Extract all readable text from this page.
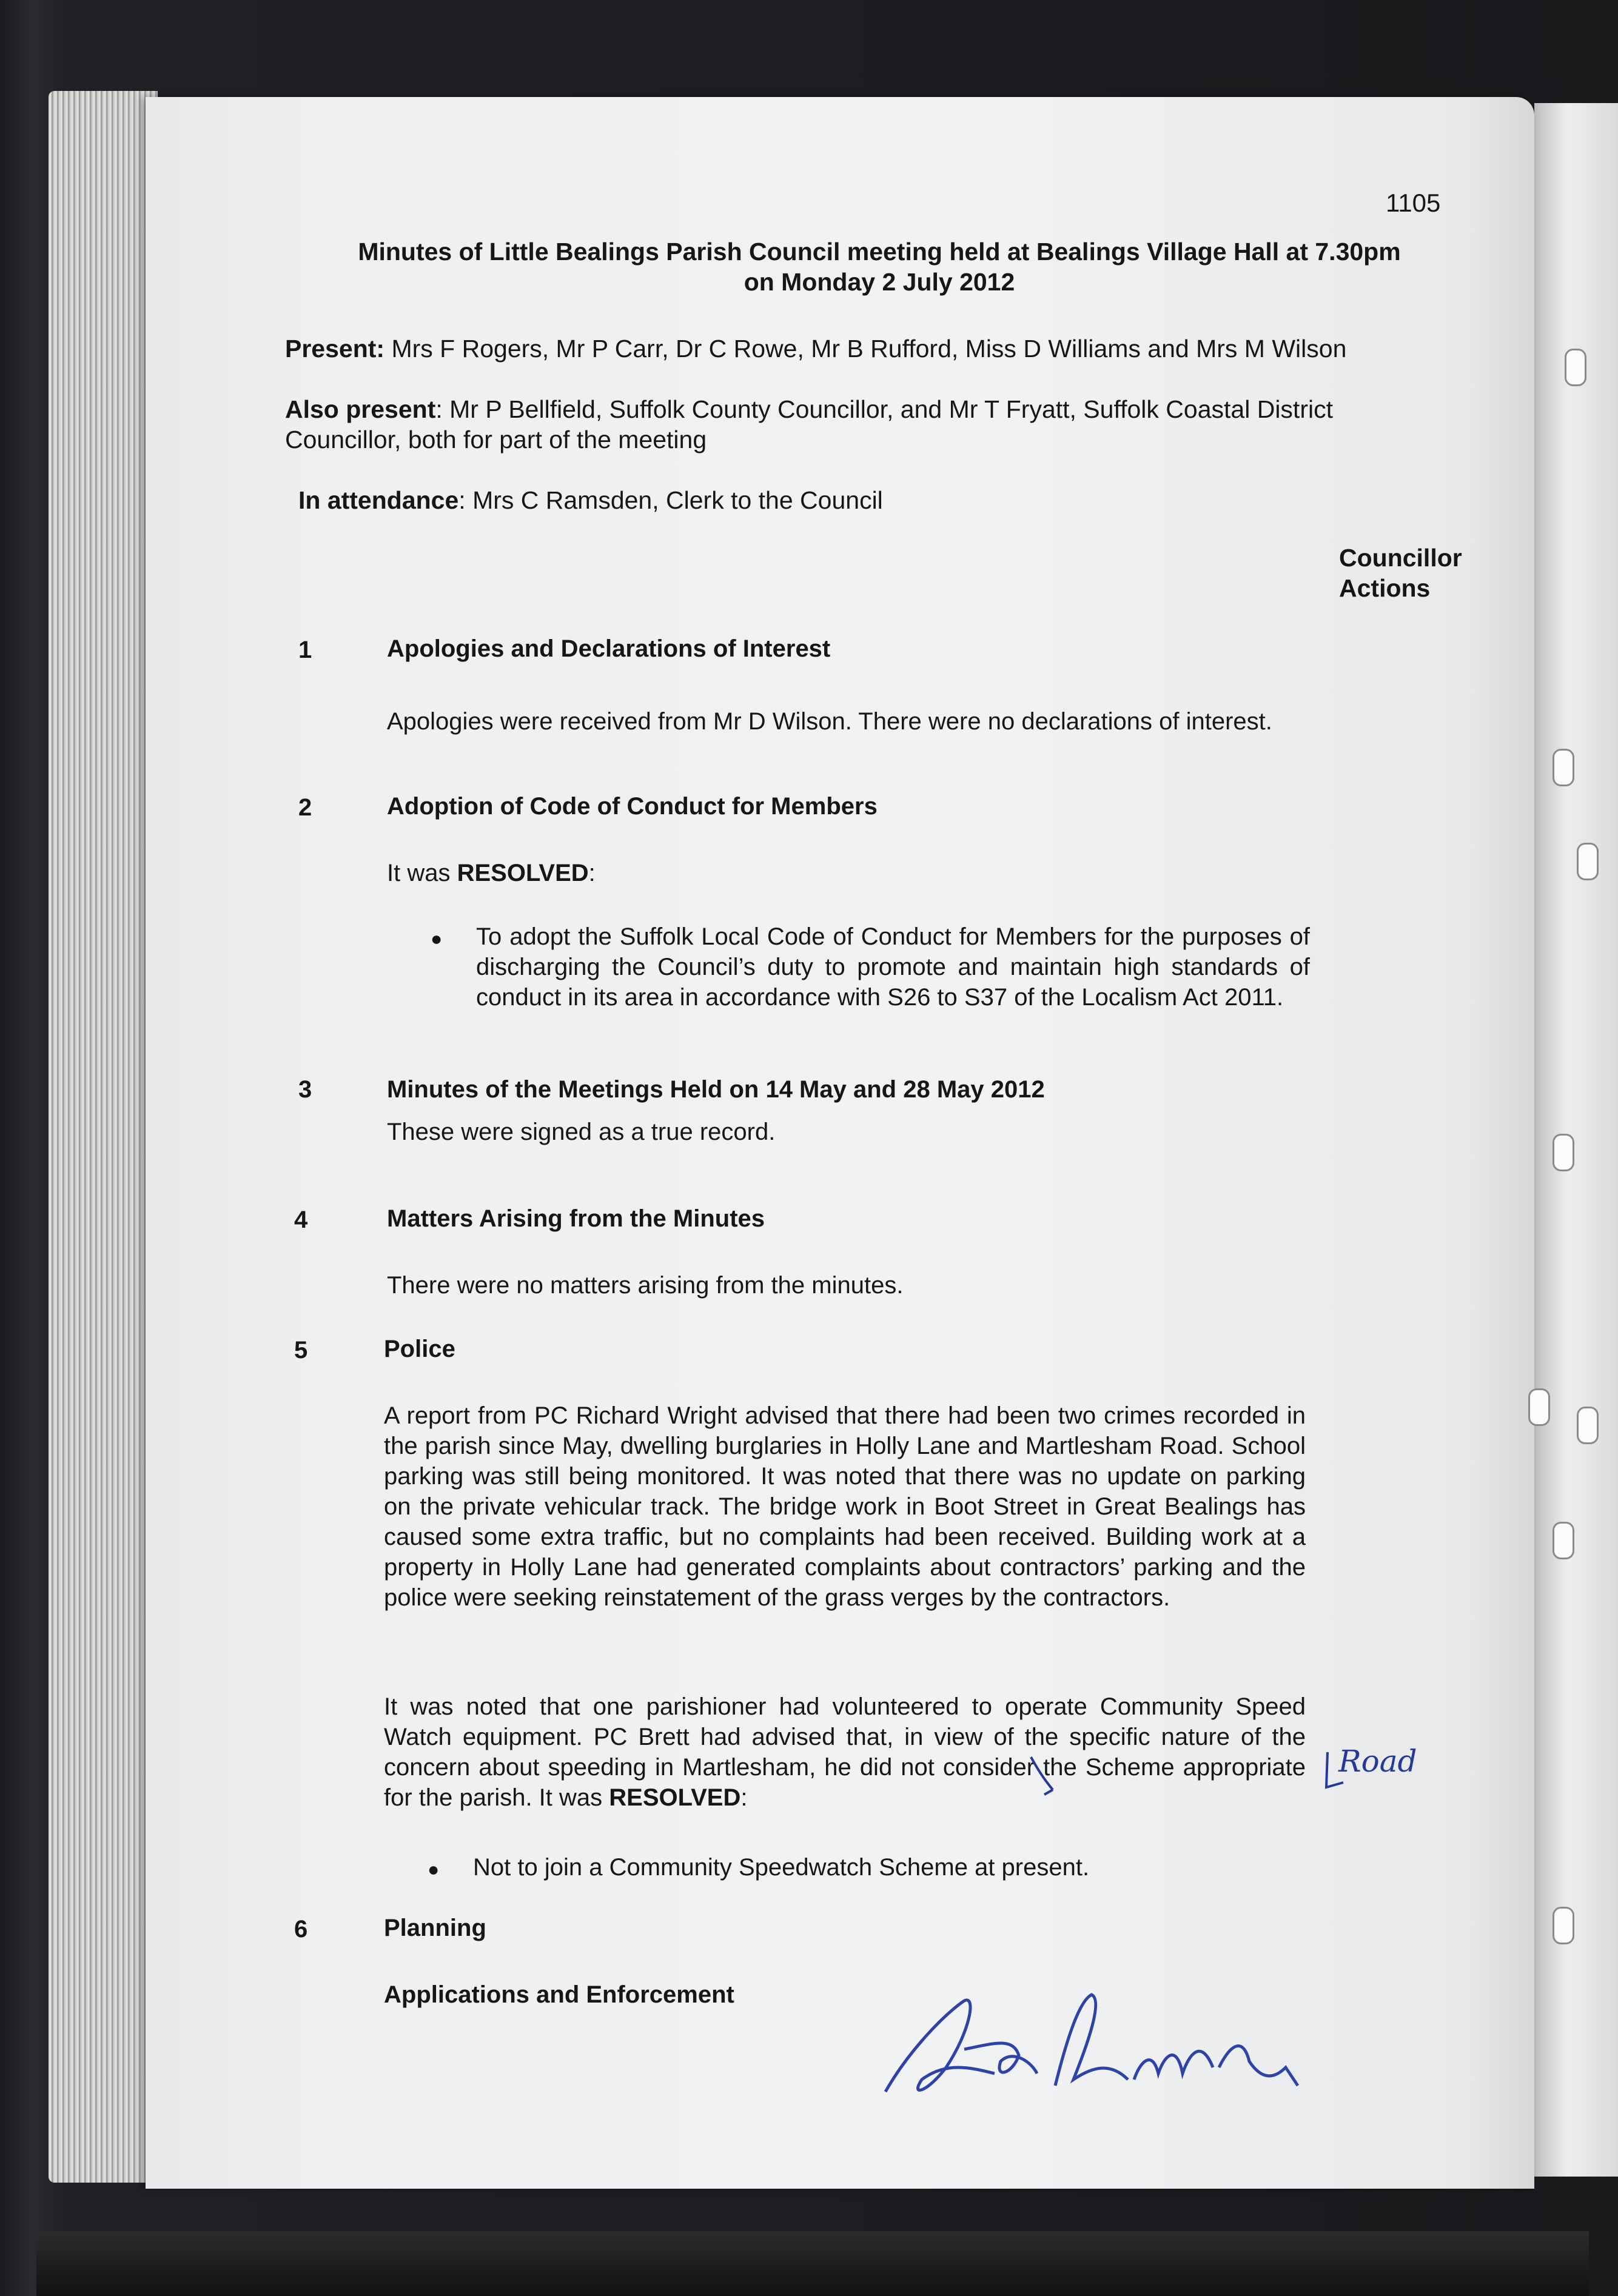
1105
Minutes of Little Bealings Parish Council meeting held at Bealings Village Hall at 7.30pm
on Monday 2 July 2012
Present: Mrs F Rogers, Mr P Carr, Dr C Rowe, Mr B Rufford, Miss D Williams and Mrs M Wilson
Also present: Mr P Bellfield, Suffolk County Councillor, and Mr T Fryatt, Suffolk Coastal District
Councillor, both for part of the meeting
In attendance: Mrs C Ramsden, Clerk to the Council
Councillor
Actions
1	Apologies and Declarations of Interest
Apologies were received from Mr D Wilson. There were no declarations of interest.
2	Adoption of Code of Conduct for Members
It was RESOLVED:
● To adopt the Suffolk Local Code of Conduct for Members for the purposes of discharging the Council’s duty to promote and maintain high standards of conduct in its area in accordance with S26 to S37 of the Localism Act 2011.
3	Minutes of the Meetings Held on 14 May and 28 May 2012
These were signed as a true record.
4	Matters Arising from the Minutes
There were no matters arising from the minutes.
5	Police
A report from PC Richard Wright advised that there had been two crimes recorded in the parish since May, dwelling burglaries in Holly Lane and Martlesham Road. School parking was still being monitored. It was noted that there was no update on parking on the private vehicular track. The bridge work in Boot Street in Great Bealings has caused some extra traffic, but no complaints had been received. Building work at a property in Holly Lane had generated complaints about contractors’ parking and the police were seeking reinstatement of the grass verges by the contractors.
It was noted that one parishioner had volunteered to operate Community Speed Watch equipment. PC Brett had advised that, in view of the specific nature of the concern about speeding in Martlesham, he did not consider the Scheme appropriate for the parish. It was RESOLVED:
● Not to join a Community Speedwatch Scheme at present.
6	Planning
Applications and Enforcement
Road
